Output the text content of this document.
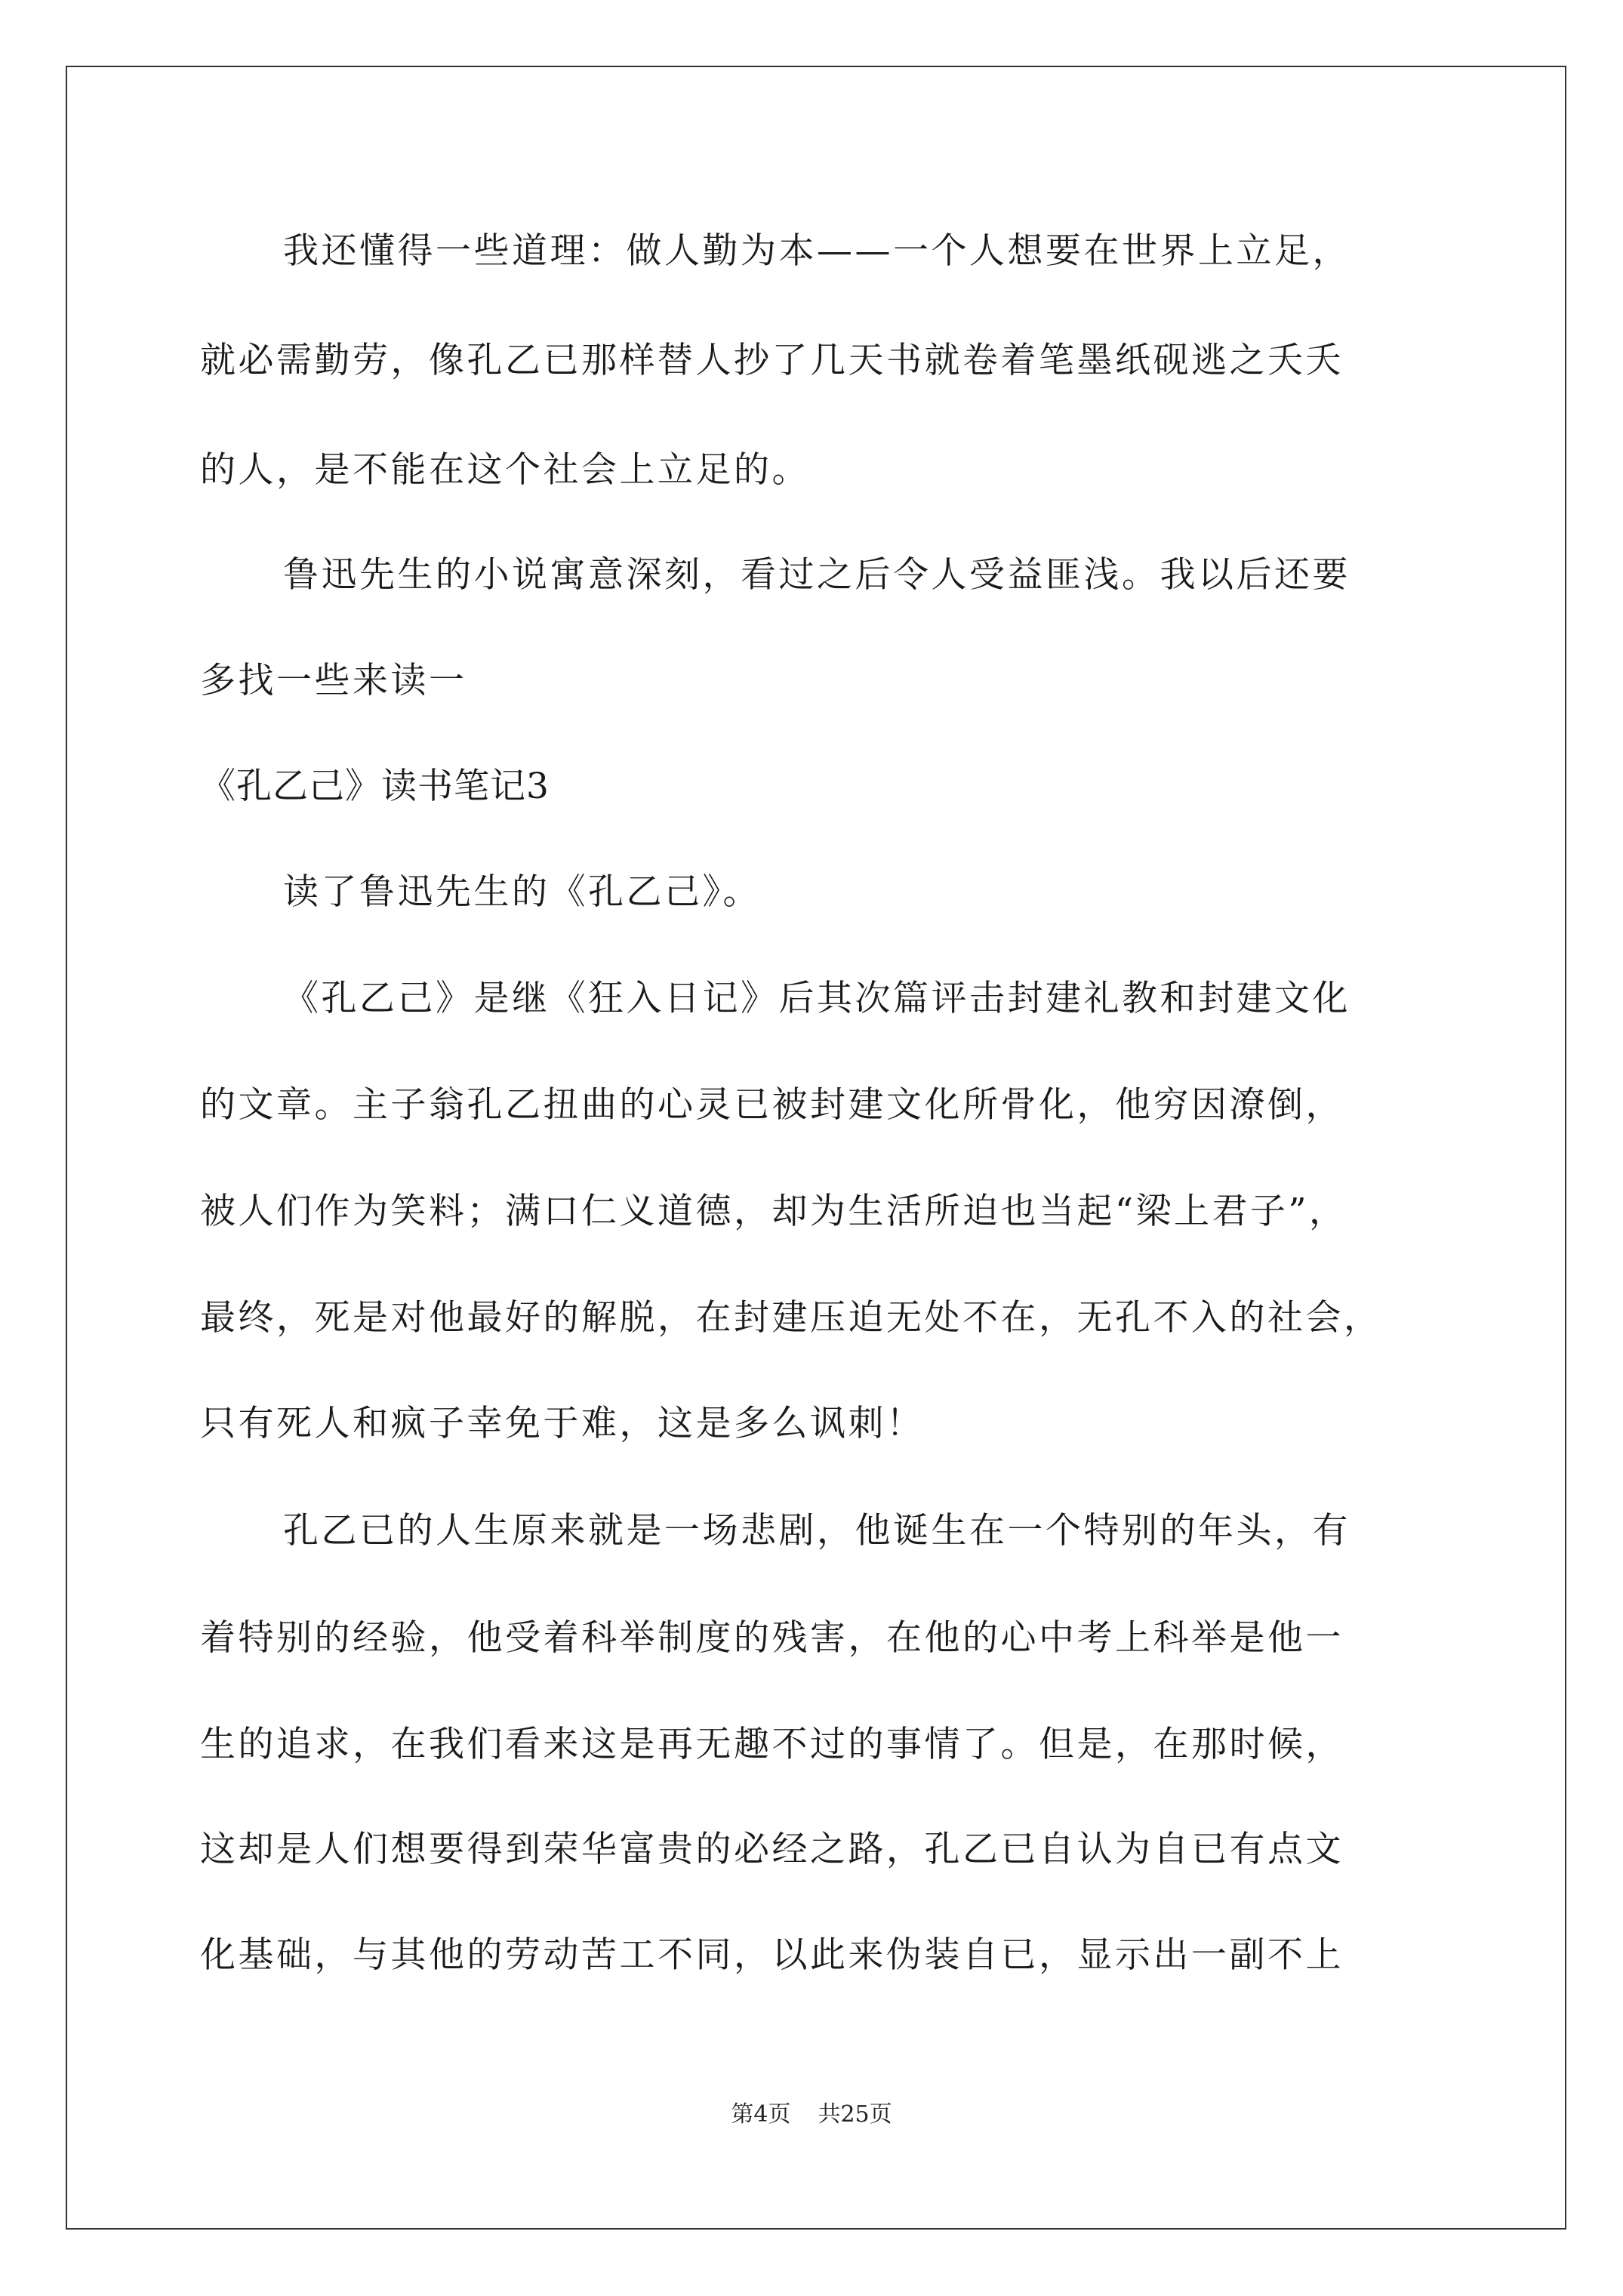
我还懂得一些道理：做人勤为本——一个人想要在世界上立足，
就必需勤劳，像孔乙已那样替人抄了几天书就卷着笔墨纸砚逃之夭夭
的人，是不能在这个社会上立足的。
鲁迅先生的小说寓意深刻，看过之后令人受益匪浅。我以后还要
多找一些来读一
《孔乙己》读书笔记3
读了鲁迅先生的《孔乙己》。
《孔乙己》是继《狂入日记》后其次篇评击封建礼教和封建文化
的文章。主子翁孔乙扭曲的心灵已被封建文化所骨化，他穷因潦倒，
被人们作为笑料；满口仁义道德，却为生活所迫也当起“梁上君子”，
最终，死是对他最好的解脱，在封建压迫无处不在，无孔不入的社会，
只有死人和疯子幸免于难，这是多么讽刺！
孔乙已的人生原来就是一场悲剧，他诞生在一个特别的年头，有
着特别的经验，他受着科举制度的残害，在他的心中考上科举是他一
生的追求，在我们看来这是再无趣不过的事情了。但是，在那时候，
这却是人们想要得到荣华富贵的必经之路，孔乙已自认为自已有点文
化基础，与其他的劳动苦工不同，以此来伪装自已，显示出一副不上
第4页 共25页
